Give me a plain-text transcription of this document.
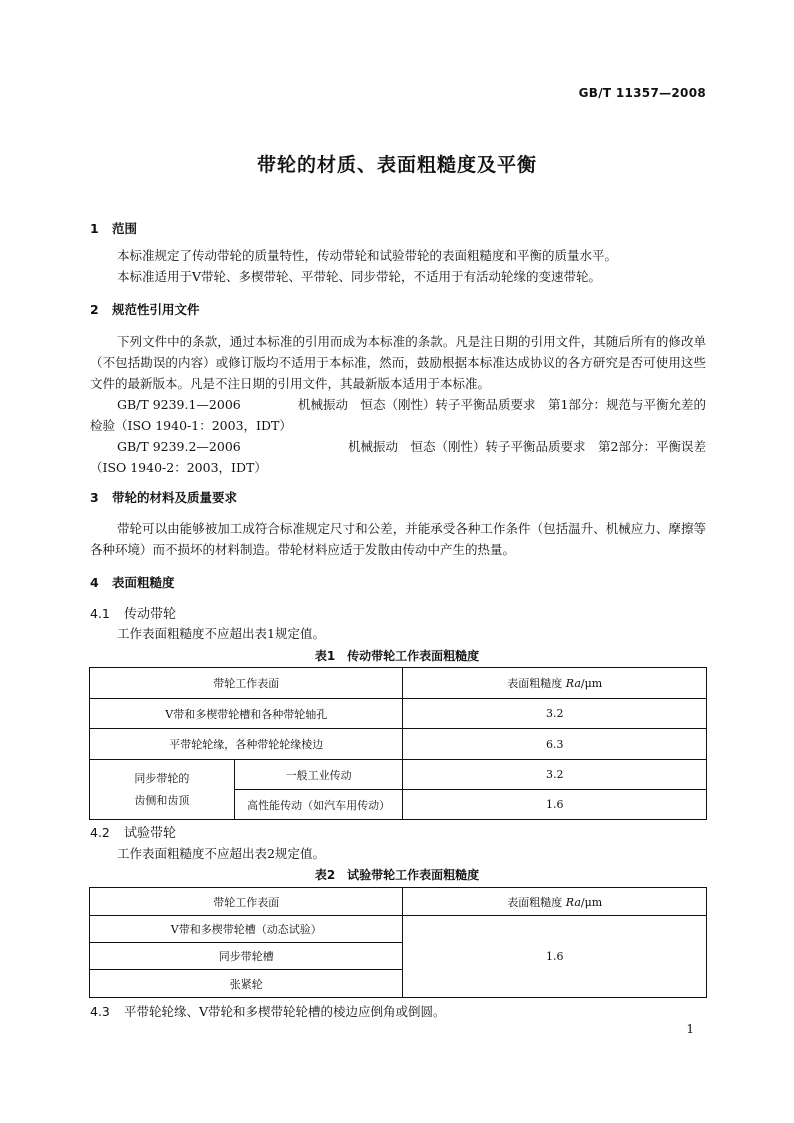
GB/T 11357—2008
带轮的材质、表面粗糙度及平衡
1 范围

本标准规定了传动带轮的质量特性，传动带轮和试验带轮的表面粗糙度和平衡的质量水平。

本标准适用于V带轮、多楔带轮、平带轮、同步带轮，不适用于有活动轮缘的变速带轮。

2 规范性引用文件

下列文件中的条款，通过本标准的引用而成为本标准的条款。凡是注日期的引用文件，其随后所有的修改单（不包括勘误的内容）或修订版均不适用于本标准，然而，鼓励根据本标准达成协议的各方研究是否可使用这些文件的最新版本。凡是不注日期的引用文件，其最新版本适用于本标准。

GB/T 9239.1—2006	机械振动　恒态（刚性）转子平衡品质要求　第1部分：规范与平衡允差的
检验（ISO 1940-1：2003，IDT）
GB/T 9239.2—2006	机械振动　恒态（刚性）转子平衡品质要求　第2部分：平衡误差
（ISO 1940-2：2003，IDT）
3 带轮的材料及质量要求

带轮可以由能够被加工成符合标准规定尺寸和公差，并能承受各种工作条件（包括温升、机械应力、摩擦等各种环境）而不损坏的材料制造。带轮材料应适于发散由传动中产生的热量。

4 表面粗糙度
4.1 传动带轮

工作表面粗糙度不应超出表1规定值。

表1　传动带轮工作表面粗糙度
带轮工作表面		表面粗糙度 Ra/μm
V带和多楔带轮槽和各种带轮轴孔		3.2
平带轮轮缘，各种带轮轮缘棱边		6.3

同步带轮的
齿侧和齿顶	一般工业传动	3.2
	高性能传动（如汽车用传动）	1.6
4.2 试验带轮

工作表面粗糙度不应超出表2规定值。

表2　试验带轮工作表面粗糙度
带轮工作表面	表面粗糙度 Ra/μm
V带和多楔带轮槽（动态试验）	1.6
同步带轮槽	
张紧轮	
4.3 平带轮轮缘、V带轮和多楔带轮轮槽的棱边应倒角或倒圆。
1
